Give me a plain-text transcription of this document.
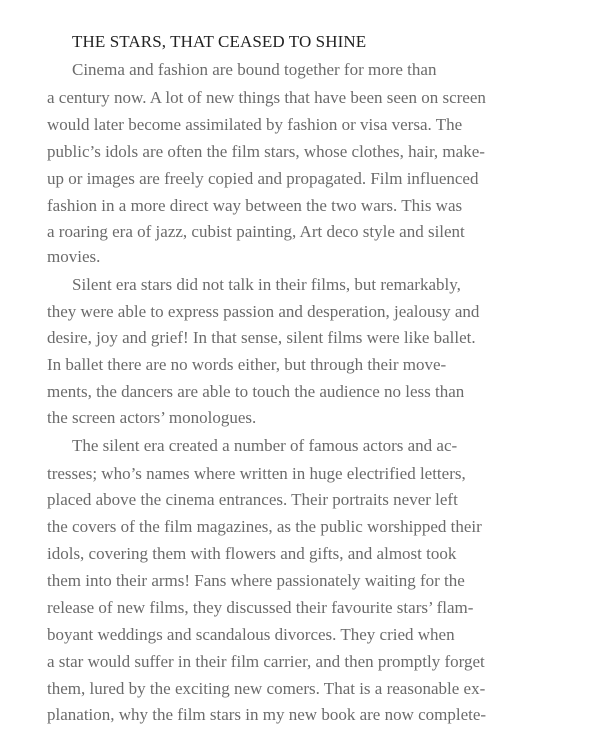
THE STARS, THAT CEASED TO SHINE
Cinema and fashion are bound together for more than
a century now. A lot of new things that have been seen on screen
would later become assimilated by fashion or visa versa. The
public’s idols are often the film stars, whose clothes, hair, make-
up or images are freely copied and propagated. Film influenced
fashion in a more direct way between the two wars. This was
a roaring era of jazz, cubist painting, Art deco style and silent
movies.
Silent era stars did not talk in their films, but remarkably,
they were able to express passion and desperation, jealousy and
desire, joy and grief! In that sense, silent films were like ballet.
In ballet there are no words either, but through their move-
ments, the dancers are able to touch the audience no less than
the screen actors’ monologues.
The silent era created a number of famous actors and ac-
tresses; who’s names where written in huge electrified letters,
placed above the cinema entrances. Their portraits never left
the covers of the film magazines, as the public worshipped their
idols, covering them with flowers and gifts, and almost took
them into their arms! Fans where passionately waiting for the
release of new films, they discussed their favourite stars’ flam-
boyant weddings and scandalous divorces. They cried when
a star would suffer in their film carrier, and then promptly forget
them, lured by the exciting new comers. That is a reasonable ex-
planation, why the film stars in my new book are now complete-
